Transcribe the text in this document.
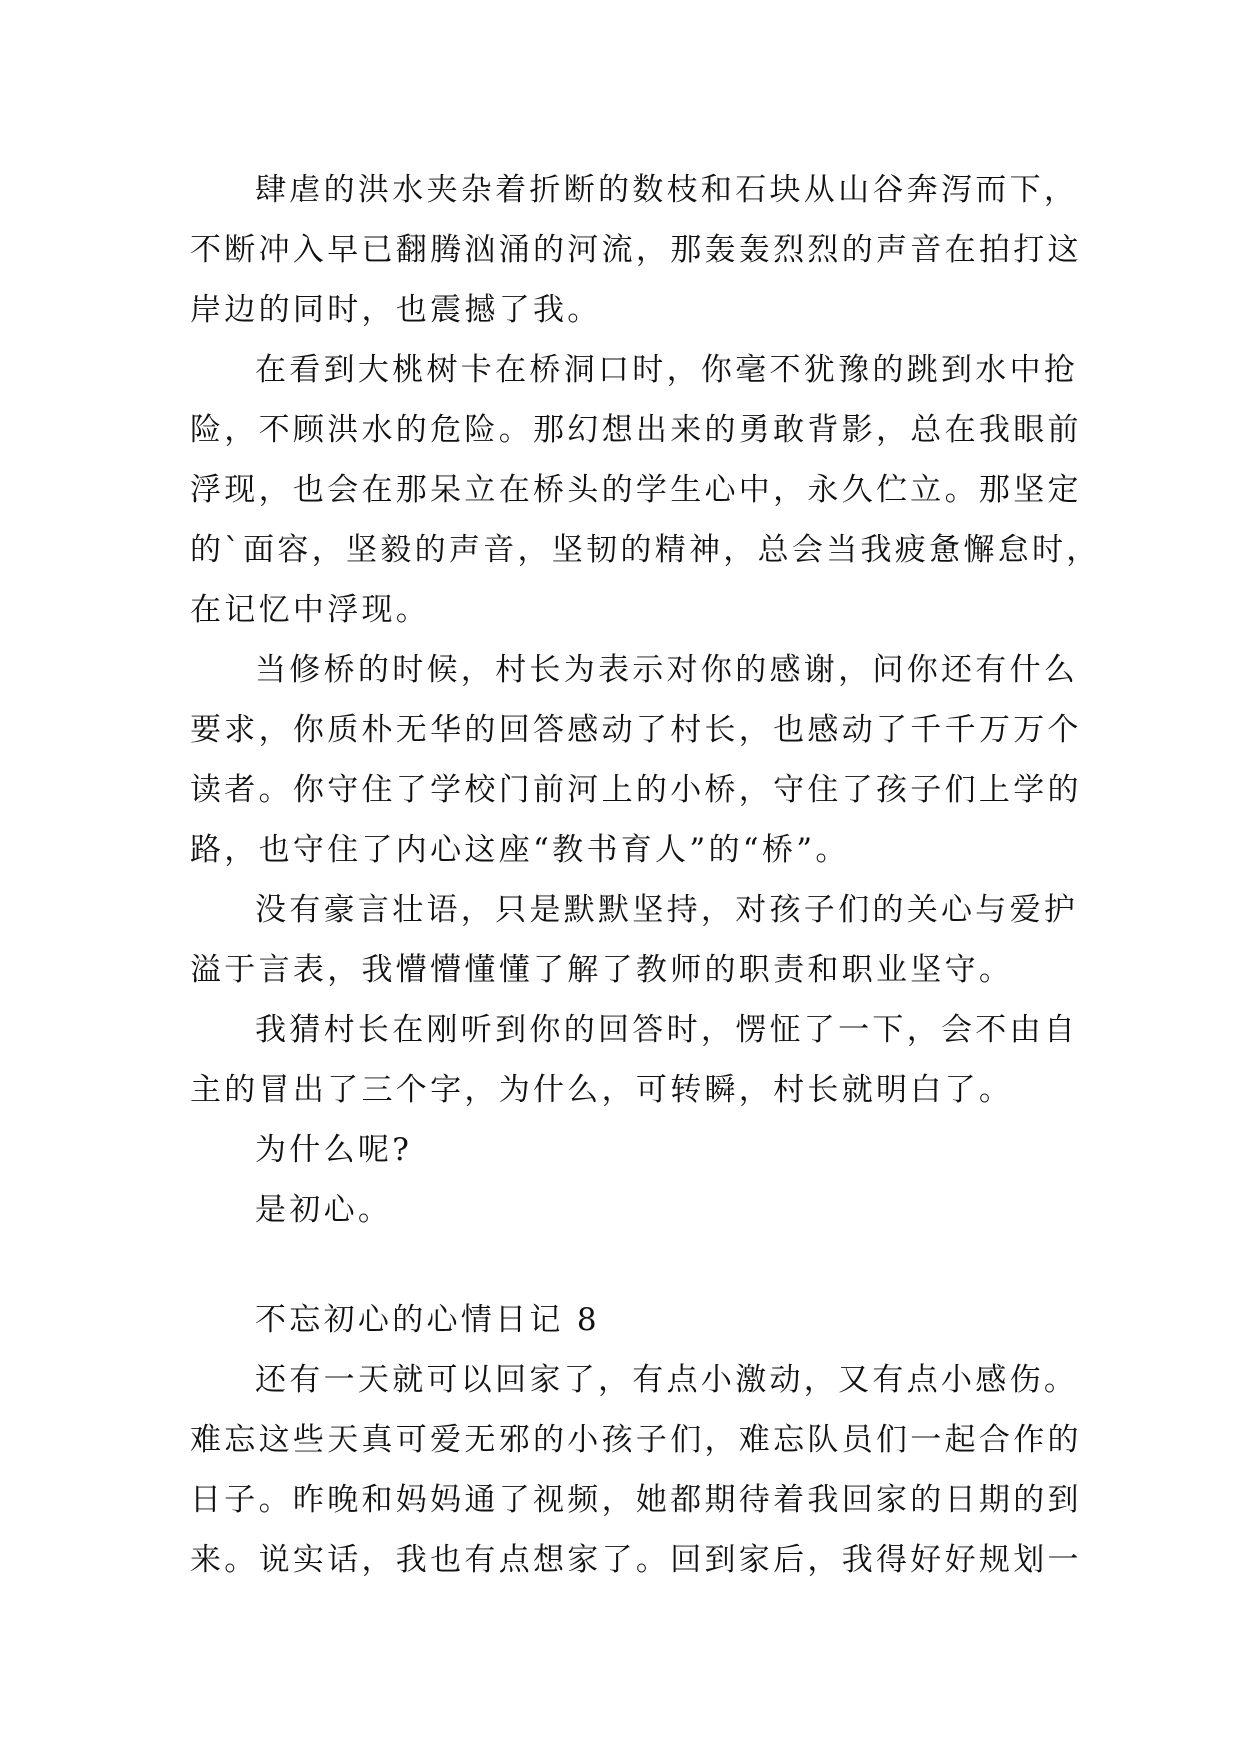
肆虐的洪水夹杂着折断的数枝和石块从山谷奔泻而下，

不断冲入早已翻腾汹涌的河流，那轰轰烈烈的声音在拍打这

岸边的同时，也震撼了我。

在看到大桃树卡在桥洞口时，你毫不犹豫的跳到水中抢

险，不顾洪水的危险。那幻想出来的勇敢背影，总在我眼前

浮现，也会在那呆立在桥头的学生心中，永久伫立。那坚定

的`面容，坚毅的声音，坚韧的精神，总会当我疲惫懈怠时，

在记忆中浮现。

当修桥的时候，村长为表示对你的感谢，问你还有什么

要求，你质朴无华的回答感动了村长，也感动了千千万万个

读者。你守住了学校门前河上的小桥，守住了孩子们上学的

路，也守住了内心这座“教书育人”的“桥”。

没有豪言壮语，只是默默坚持，对孩子们的关心与爱护

溢于言表，我懵懵懂懂了解了教师的职责和职业坚守。

我猜村长在刚听到你的回答时，愣怔了一下，会不由自

主的冒出了三个字，为什么，可转瞬，村长就明白了。

为什么呢?

是初心。

不忘初心的心情日记 8

还有一天就可以回家了，有点小激动，又有点小感伤。

难忘这些天真可爱无邪的小孩子们，难忘队员们一起合作的

日子。昨晚和妈妈通了视频，她都期待着我回家的日期的到

来。说实话，我也有点想家了。回到家后，我得好好规划一
